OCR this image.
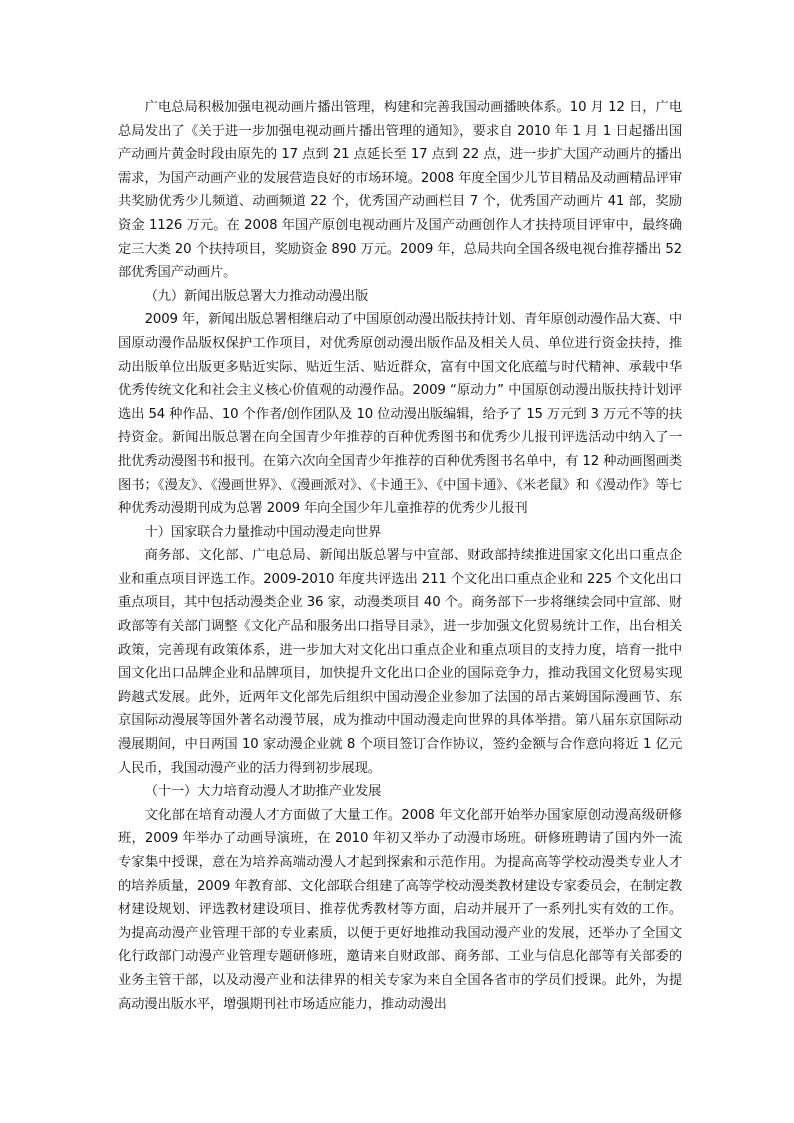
广电总局积极加强电视动画片播出管理，构建和完善我国动画播映体系。10 月 12 日，广电总局发出了《关于进一步加强电视动画片播出管理的通知》，要求自 2010 年 1 月 1 日起播出国产动画片黄金时段由原先的 17 点到 21 点延长至 17 点到 22 点，进一步扩大国产动画片的播出需求，为国产动画产业的发展营造良好的市场环境。2008 年度全国少儿节目精品及动画精品评审共奖励优秀少儿频道、动画频道 22 个，优秀国产动画栏目 7 个，优秀国产动画片 41 部，奖励资金 1126 万元。在 2008 年国产原创电视动画片及国产动画创作人才扶持项目评审中，最终确定三大类 20 个扶持项目，奖励资金 890 万元。2009 年，总局共向全国各级电视台推荐播出 52 部优秀国产动画片。

（九）新闻出版总署大力推动动漫出版

2009 年，新闻出版总署相继启动了中国原创动漫出版扶持计划、青年原创动漫作品大赛、中国原动漫作品版权保护工作项目，对优秀原创动漫出版作品及相关人员、单位进行资金扶持，推动出版单位出版更多贴近实际、贴近生活、贴近群众，富有中国文化底蕴与时代精神、承载中华优秀传统文化和社会主义核心价值观的动漫作品。2009 “原动力” 中国原创动漫出版扶持计划评选出 54 种作品、10 个作者/创作团队及 10 位动漫出版编辑，给予了 15 万元到 3 万元不等的扶持资金。新闻出版总署在向全国青少年推荐的百种优秀图书和优秀少儿报刊评选活动中纳入了一批优秀动漫图书和报刊。在第六次向全国青少年推荐的百种优秀图书名单中，有 12 种动画图画类图书；《漫友》、《漫画世界》、《漫画派对》、《卡通王》、《中国卡通》、《米老鼠》和《漫动作》等七种优秀动漫期刊成为总署 2009 年向全国少年儿童推荐的优秀少儿报刊

十）国家联合力量推动中国动漫走向世界

商务部、文化部、广电总局、新闻出版总署与中宣部、财政部持续推进国家文化出口重点企业和重点项目评选工作。2009-2010 年度共评选出 211 个文化出口重点企业和 225 个文化出口重点项目，其中包括动漫类企业 36 家，动漫类项目 40 个。商务部下一步将继续会同中宣部、财政部等有关部门调整《文化产品和服务出口指导目录》，进一步加强文化贸易统计工作，出台相关政策，完善现有政策体系，进一步加大对文化出口重点企业和重点项目的支持力度，培育一批中国文化出口品牌企业和品牌项目，加快提升文化出口企业的国际竞争力，推动我国文化贸易实现跨越式发展。此外，近两年文化部先后组织中国动漫企业参加了法国的昂古莱姆国际漫画节、东京国际动漫展等国外著名动漫节展，成为推动中国动漫走向世界的具体举措。第八届东京国际动漫展期间，中日两国 10 家动漫企业就 8 个项目签订合作协议，签约金额与合作意向将近 1 亿元人民币，我国动漫产业的活力得到初步展现。

（十一）大力培育动漫人才助推产业发展

文化部在培育动漫人才方面做了大量工作。2008 年文化部开始举办国家原创动漫高级研修班，2009 年举办了动画导演班，在 2010 年初又举办了动漫市场班。研修班聘请了国内外一流专家集中授课，意在为培养高端动漫人才起到探索和示范作用。为提高高等学校动漫类专业人才的培养质量，2009 年教育部、文化部联合组建了高等学校动漫类教材建设专家委员会，在制定教材建设规划、评选教材建设项目、推荐优秀教材等方面，启动并展开了一系列扎实有效的工作。为提高动漫产业管理干部的专业素质，以便于更好地推动我国动漫产业的发展，还举办了全国文化行政部门动漫产业管理专题研修班，邀请来自财政部、商务部、工业与信息化部等有关部委的业务主管干部，以及动漫产业和法律界的相关专家为来自全国各省市的学员们授课。此外，为提高动漫出版水平，增强期刊社市场适应能力，推动动漫出
